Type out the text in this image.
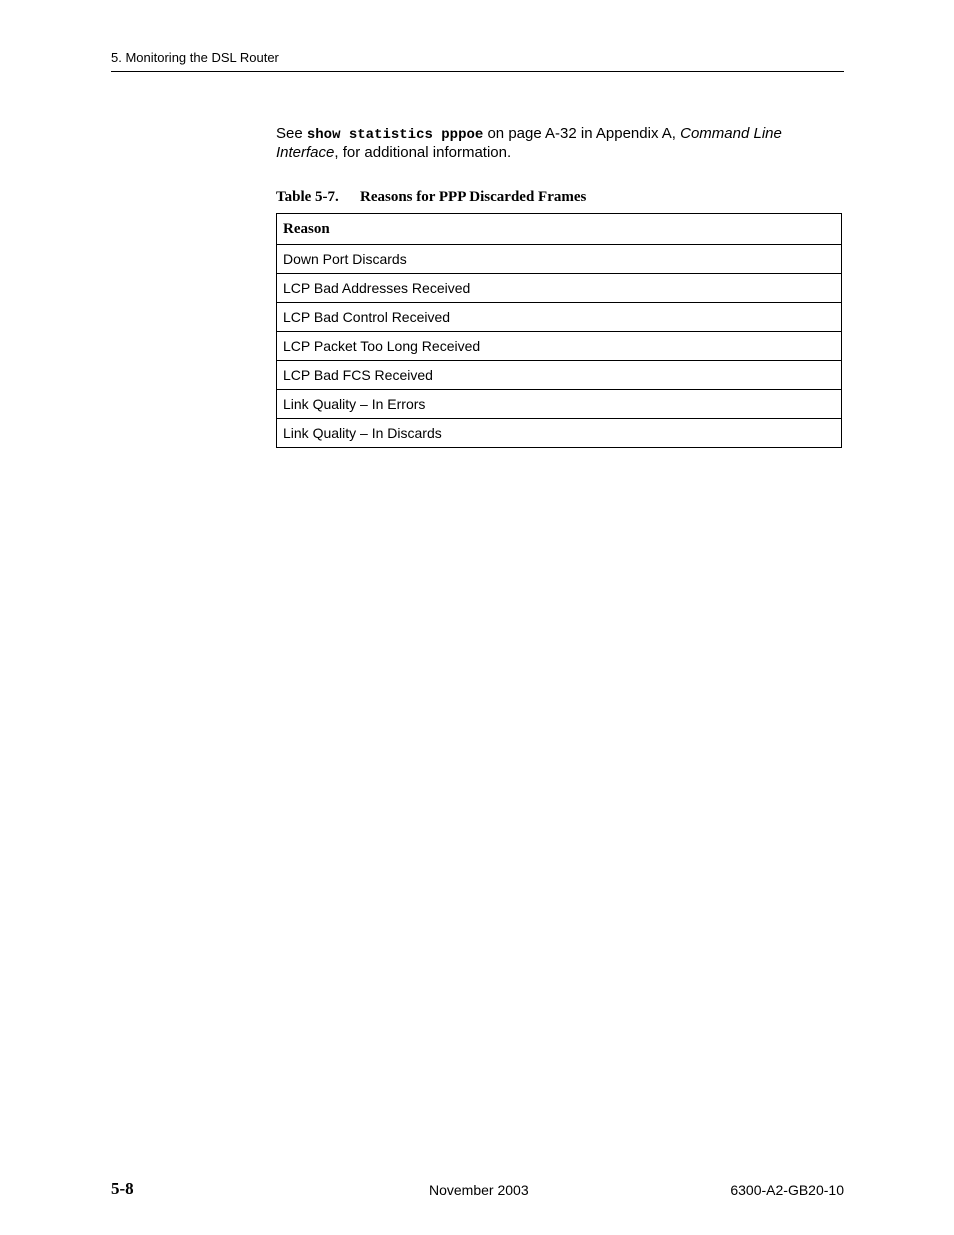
5. Monitoring the DSL Router

See show statistics pppoe on page A-32 in Appendix A, Command Line Interface, for additional information.

Table 5-7. Reasons for PPP Discarded Frames
Reason
Down Port Discards
LCP Bad Addresses Received
LCP Bad Control Received
LCP Packet Too Long Received
LCP Bad FCS Received
Link Quality – In Errors
Link Quality – In Discards
5-8	November 2003	6300-A2-GB20-10
